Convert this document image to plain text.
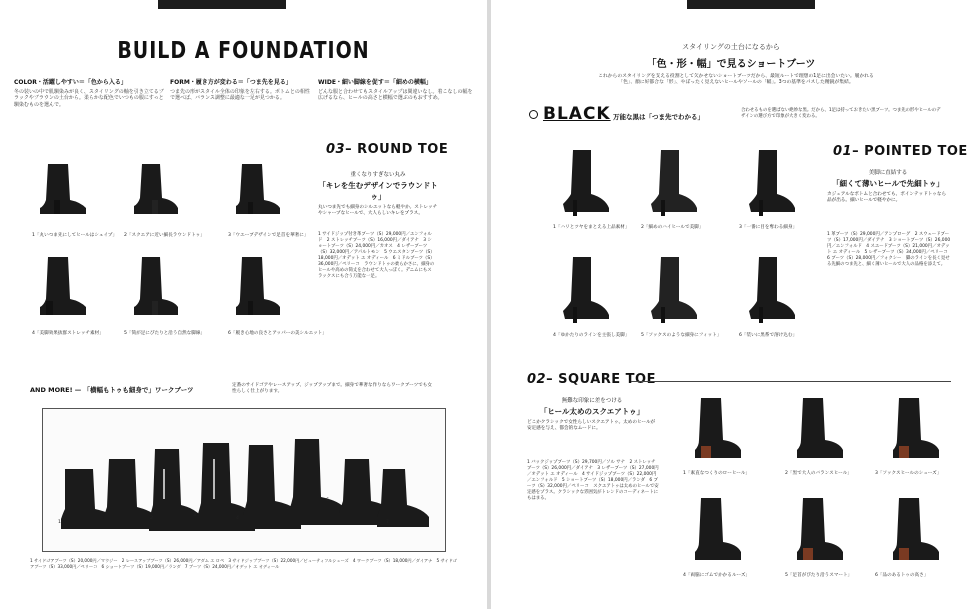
BUILD A FOUNDATION
COLOR・活躍しやすい＝「色から入る」
冬の装いの中で肌馴染みが良く、スタイリングの軸を引き立てるブラックやブラウンの土台から。柔らかな配色でいつもの服にすっと馴染むものを選んで。
FORM・履き方が変わる＝「つま先を見る」
つま先の形がスタイル全体の印象を左右する。ボトムとの相性で選べば、バランス調整に最適な一足が見つかる。
WIDE・細い脚線を促す＝「細めの横幅」
どんな服と合わせてもスタイルアップは間違いなし。着こなしの幅を広げるなら、ヒールの高さと横幅で選ぶのもおすすめ。
03– ROUND TOE
重くなりすぎない丸み
「キレを生むデザインでラウンドトゥ」
丸いつま先でも細身のシルエットなら軽やか。ストレッチやシャープなヒールで、大人らしいキレをプラス。
1 サイドジップ付き革ブーツ（S）29,000円／エンフォルド　2 ストレッチブーツ（S）16,000円／ダイアナ　3 ショートブーツ（S）24,000円／カオス　4 レザーブーツ（S）32,000円／アパルトモン　5 ウエスタンブーツ（S）18,000円／オデット エ オディール　6 ミドルブーツ（S）36,000円／ペリーコ　ラウンドトゥの柔らかさに、細身のヒールや高めの筒丈を合わせて大人っぽく。デニムにもスラックスにも合う万能な一足。
1「丸いつま先にしてヒールはシェイプ」 2「スクエアに近い細長ラウンドトゥ」	3「ウエーブデザインで足首を華奢に」
4「美脚効果抜群ストレッチ素材」	5「筒が足にぴたりと沿う自然な脚線」	6「履き心地の良さとアッパーの美シルエット」
AND MORE! — 「横幅もトゥも細身で」ワークブーツ
定番のサイドゴアやレースアップ、ジップアップまで。細身で華奢な作りならワークブーツでも女性らしく仕上がります。
1
2
3
4
5
6
7
1 サイドゴアブーツ（S）20,000円／マウジー　2 レースアップブーツ（S）26,000円／アダム エ ロペ　3 サイドジップブーツ（S）22,000円／ビューティフルシューズ　4 ワークブーツ（S）18,000円／ダイアナ　5 サイドゴアブーツ（S）33,000円／ペリーコ　6 ショートブーツ（S）19,000円／ランダ　7 ブーツ（S）24,000円／オデット エ オディール
スタイリングの土台になるから
「色・形・幅」で見るショートブーツ
これからのスタイリングを支える役割として欠かせないショートブーツだから、最短ルートで理想の1足に出会いたい。履かれる「色」、顔に好都合な「形」、やぼったく見えないヒールやソールの「幅」。3つの基準をパスした精鋭が集結。
BLACK 万能な黒は「つま先でわかる」
合わせるものを選ばない絶妙な黒。だから、1足は持っておきたい黒ブーツ。つま先の形やヒールのデザインの選び方で印象が大きく変わる。
1「ハリとツヤをまとえる上品素材」	2「細めのハイヒールで美脚」	3「一番に目を奪わる細身」
4「ゆかたりのラインを主張し美脚」	5「ソックスのような細身にフィット」	6「装いに黒系で溶け込む」
01– POINTED TOE
美脚に直結する
「細くて薄いヒールで先細トゥ」
カジュアルなボトムと合わせても、ポインテッドトゥなら品が出る。細いヒールで軽やかに。
1 革ブーツ（S）29,000円／アンプローグ　2 スウェードブーツ（S）17,000円／ダイアナ　3 ショートブーツ（S）26,000円／エンフォルド　4 スエードブーツ（S）21,000円／オデット エ オディール　5 レザーブーツ（S）34,000円／ペリーコ　6 ブーツ（S）28,000円／フォクシー　脚のラインを長く見せる先細のつま先と、細く薄いヒールで大人の品格を添えて。
02– SQUARE TOE
無難な印象に差をつける
「ヒール太めのスクエアトゥ」
どこかクラシックで女性らしいスクエアトゥ。太めのヒールが安定感を与え、都会的なムードに。
1 バックジップブーツ（S）29,700円／ソル サナ　2 ストレッチブーツ（S）26,000円／ダイアナ　3 レザーブーツ（S）27,000円／オデット エ オディール　4 サイドジップブーツ（S）22,000円／エンフォルド　5 ショートブーツ（S）18,000円／ランダ　6 ブーツ（S）32,000円／ペリーコ　スクエアトゥは太めのヒールで安定感をプラス。クラシックな雰囲気がトレンドのコーディネートにもはまる。
1「素直なつくりのローヒール」	2「黒で大人のバランスヒール」	3「ソックスヒールのシューズ」
4「両脇にゴムでかかるルーズ」	5「足首がぴたり沿うスマート」	6「品のあるトゥの高さ」
